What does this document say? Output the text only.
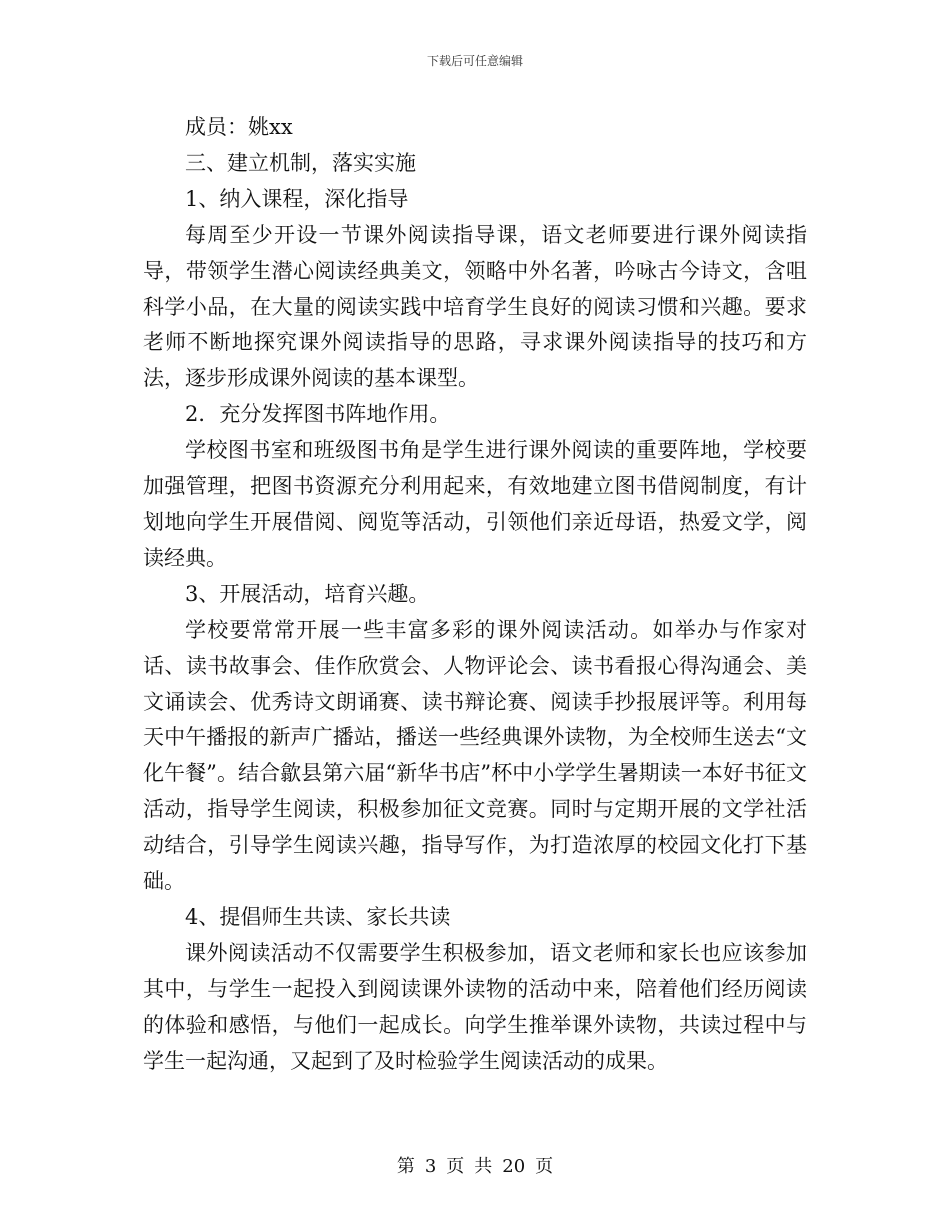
下载后可任意编辑

成员：姚xx

三、建立机制，落实实施

1、纳入课程，深化指导

每周至少开设一节课外阅读指导课，语文老师要进行课外阅读指导，带领学生潜心阅读经典美文，领略中外名著，吟咏古今诗文，含咀科学小品，在大量的阅读实践中培育学生良好的阅读习惯和兴趣。要求老师不断地探究课外阅读指导的思路，寻求课外阅读指导的技巧和方法，逐步形成课外阅读的基本课型。

2．充分发挥图书阵地作用。

学校图书室和班级图书角是学生进行课外阅读的重要阵地，学校要加强管理，把图书资源充分利用起来，有效地建立图书借阅制度，有计划地向学生开展借阅、阅览等活动，引领他们亲近母语，热爱文学，阅读经典。

3、开展活动，培育兴趣。

学校要常常开展一些丰富多彩的课外阅读活动。如举办与作家对话、读书故事会、佳作欣赏会、人物评论会、读书看报心得沟通会、美文诵读会、优秀诗文朗诵赛、读书辩论赛、阅读手抄报展评等。利用每天中午播报的新声广播站，播送一些经典课外读物，为全校师生送去“文化午餐”。结合歙县第六届“新华书店”杯中小学学生暑期读一本好书征文活动，指导学生阅读，积极参加征文竞赛。同时与定期开展的文学社活动结合，引导学生阅读兴趣，指导写作，为打造浓厚的校园文化打下基础。

4、提倡师生共读、家长共读

课外阅读活动不仅需要学生积极参加，语文老师和家长也应该参加其中，与学生一起投入到阅读课外读物的活动中来，陪着他们经历阅读的体验和感悟，与他们一起成长。向学生推举课外读物，共读过程中与学生一起沟通，又起到了及时检验学生阅读活动的成果。

第 3 页 共 20 页
